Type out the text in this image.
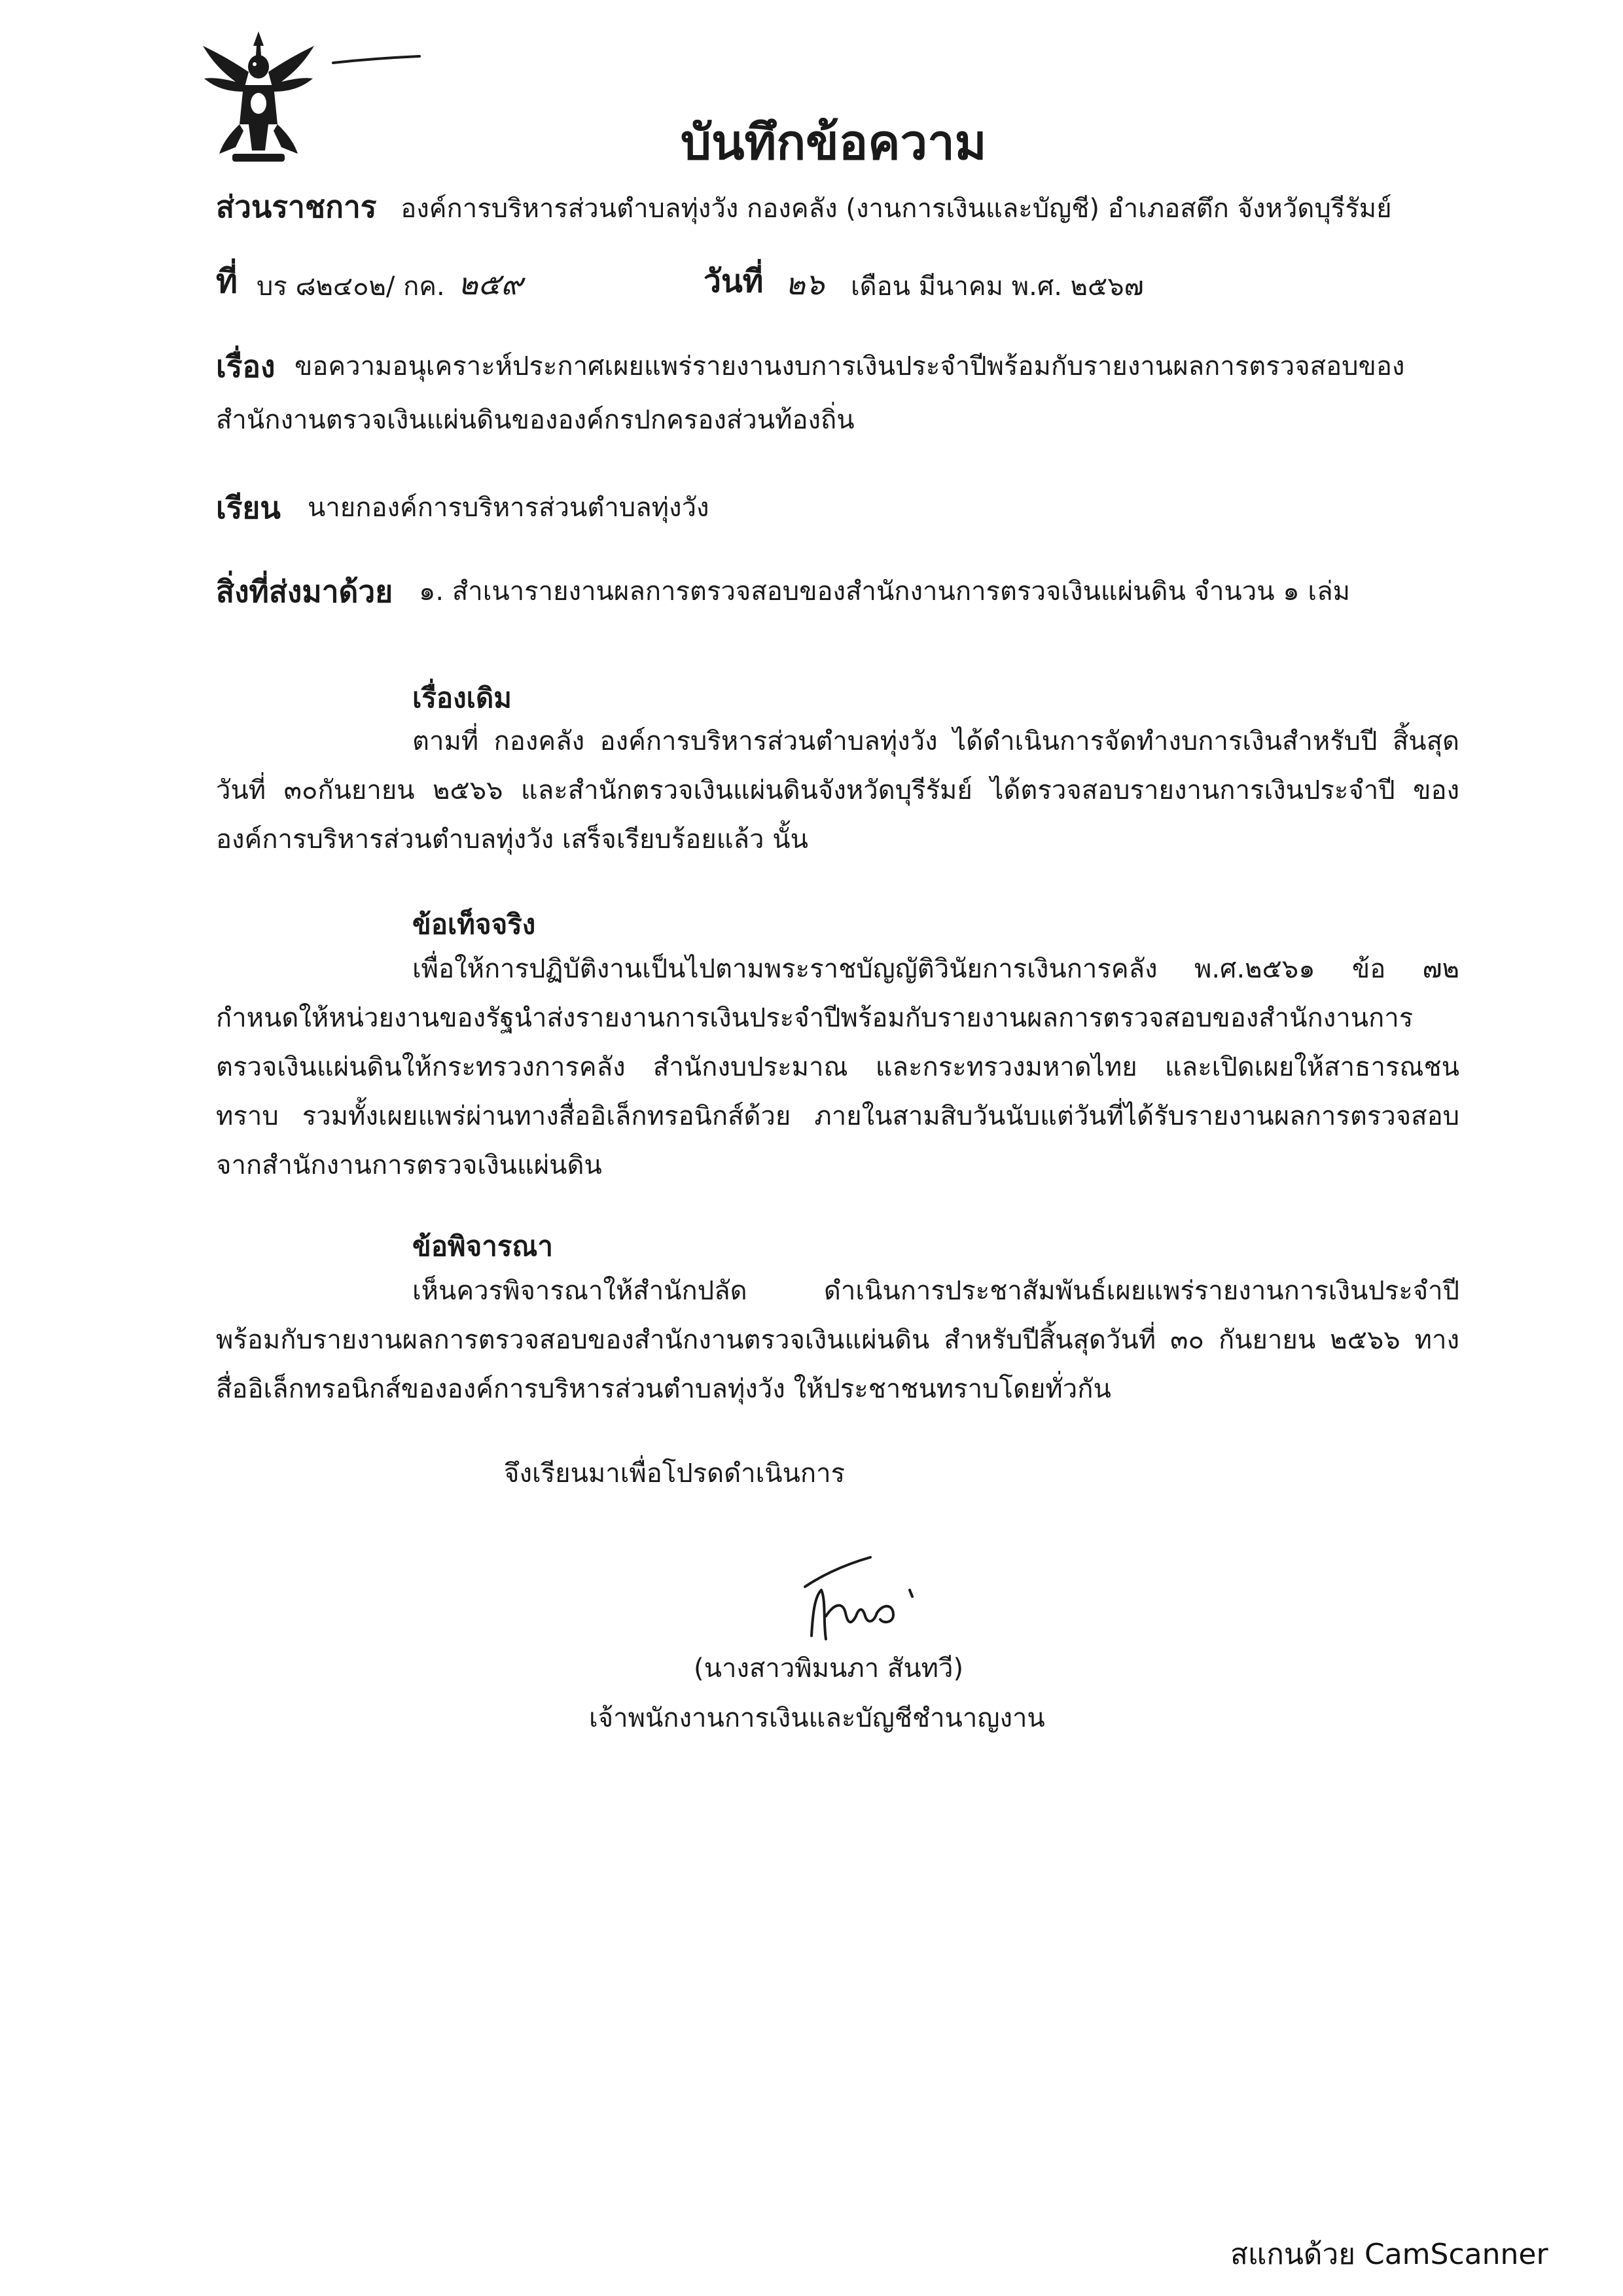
บันทึกข้อความ
ส่วนราชการ องค์การบริหารส่วนตำบลทุ่งวัง กองคลัง (งานการเงินและบัญชี) อำเภอสตึก จังหวัดบุรีรัมย์
ที่ บร ๘๒๔๐๒/ กค. ๒๕๙	วันที่ ๒๖ เดือน มีนาคม พ.ศ. ๒๕๖๗
เรื่อง ขอความอนุเคราะห์ประกาศเผยแพร่รายงานงบการเงินประจำปีพร้อมกับรายงานผลการตรวจสอบของ
สำนักงานตรวจเงินแผ่นดินขององค์กรปกครองส่วนท้องถิ่น
เรียน นายกองค์การบริหารส่วนตำบลทุ่งวัง
สิ่งที่ส่งมาด้วย ๑. สำเนารายงานผลการตรวจสอบของสำนักงานการตรวจเงินแผ่นดิน จำนวน ๑ เล่ม
เรื่องเดิม
ตามที่ กองคลัง องค์การบริหารส่วนตำบลทุ่งวัง ได้ดำเนินการจัดทำงบการเงินสำหรับปี สิ้นสุดวันที่ ๓๐กันยายน ๒๕๖๖ และสำนักตรวจเงินแผ่นดินจังหวัดบุรีรัมย์ ได้ตรวจสอบรายงานการเงินประจำปี ขององค์การบริหารส่วนตำบลทุ่งวัง เสร็จเรียบร้อยแล้ว นั้น
ข้อเท็จจริง
เพื่อให้การปฏิบัติงานเป็นไปตามพระราชบัญญัติวินัยการเงินการคลัง พ.ศ.๒๕๖๑ ข้อ ๗๒ กำหนดให้หน่วยงานของรัฐนำส่งรายงานการเงินประจำปีพร้อมกับรายงานผลการตรวจสอบของสำนักงานการ ตรวจเงินแผ่นดินให้กระทรวงการคลัง สำนักงบประมาณ และกระทรวงมหาดไทย และเปิดเผยให้สาธารณชน ทราบ รวมทั้งเผยแพร่ผ่านทางสื่ออิเล็กทรอนิกส์ด้วย ภายในสามสิบวันนับแต่วันที่ได้รับรายงานผลการตรวจสอบ จากสำนักงานการตรวจเงินแผ่นดิน
ข้อพิจารณา
เห็นควรพิจารณาให้สำนักปลัด ดำเนินการประชาสัมพันธ์เผยแพร่รายงานการเงินประจำปี พร้อมกับรายงานผลการตรวจสอบของสำนักงานตรวจเงินแผ่นดิน สำหรับปีสิ้นสุดวันที่ ๓๐ กันยายน ๒๕๖๖ ทางสื่ออิเล็กทรอนิกส์ขององค์การบริหารส่วนตำบลทุ่งวัง ให้ประชาชนทราบโดยทั่วกัน
จึงเรียนมาเพื่อโปรดดำเนินการ
(นางสาวพิมนภา สันทวี)
เจ้าพนักงานการเงินและบัญชีชำนาญงาน
สแกนด้วย CamScanner
